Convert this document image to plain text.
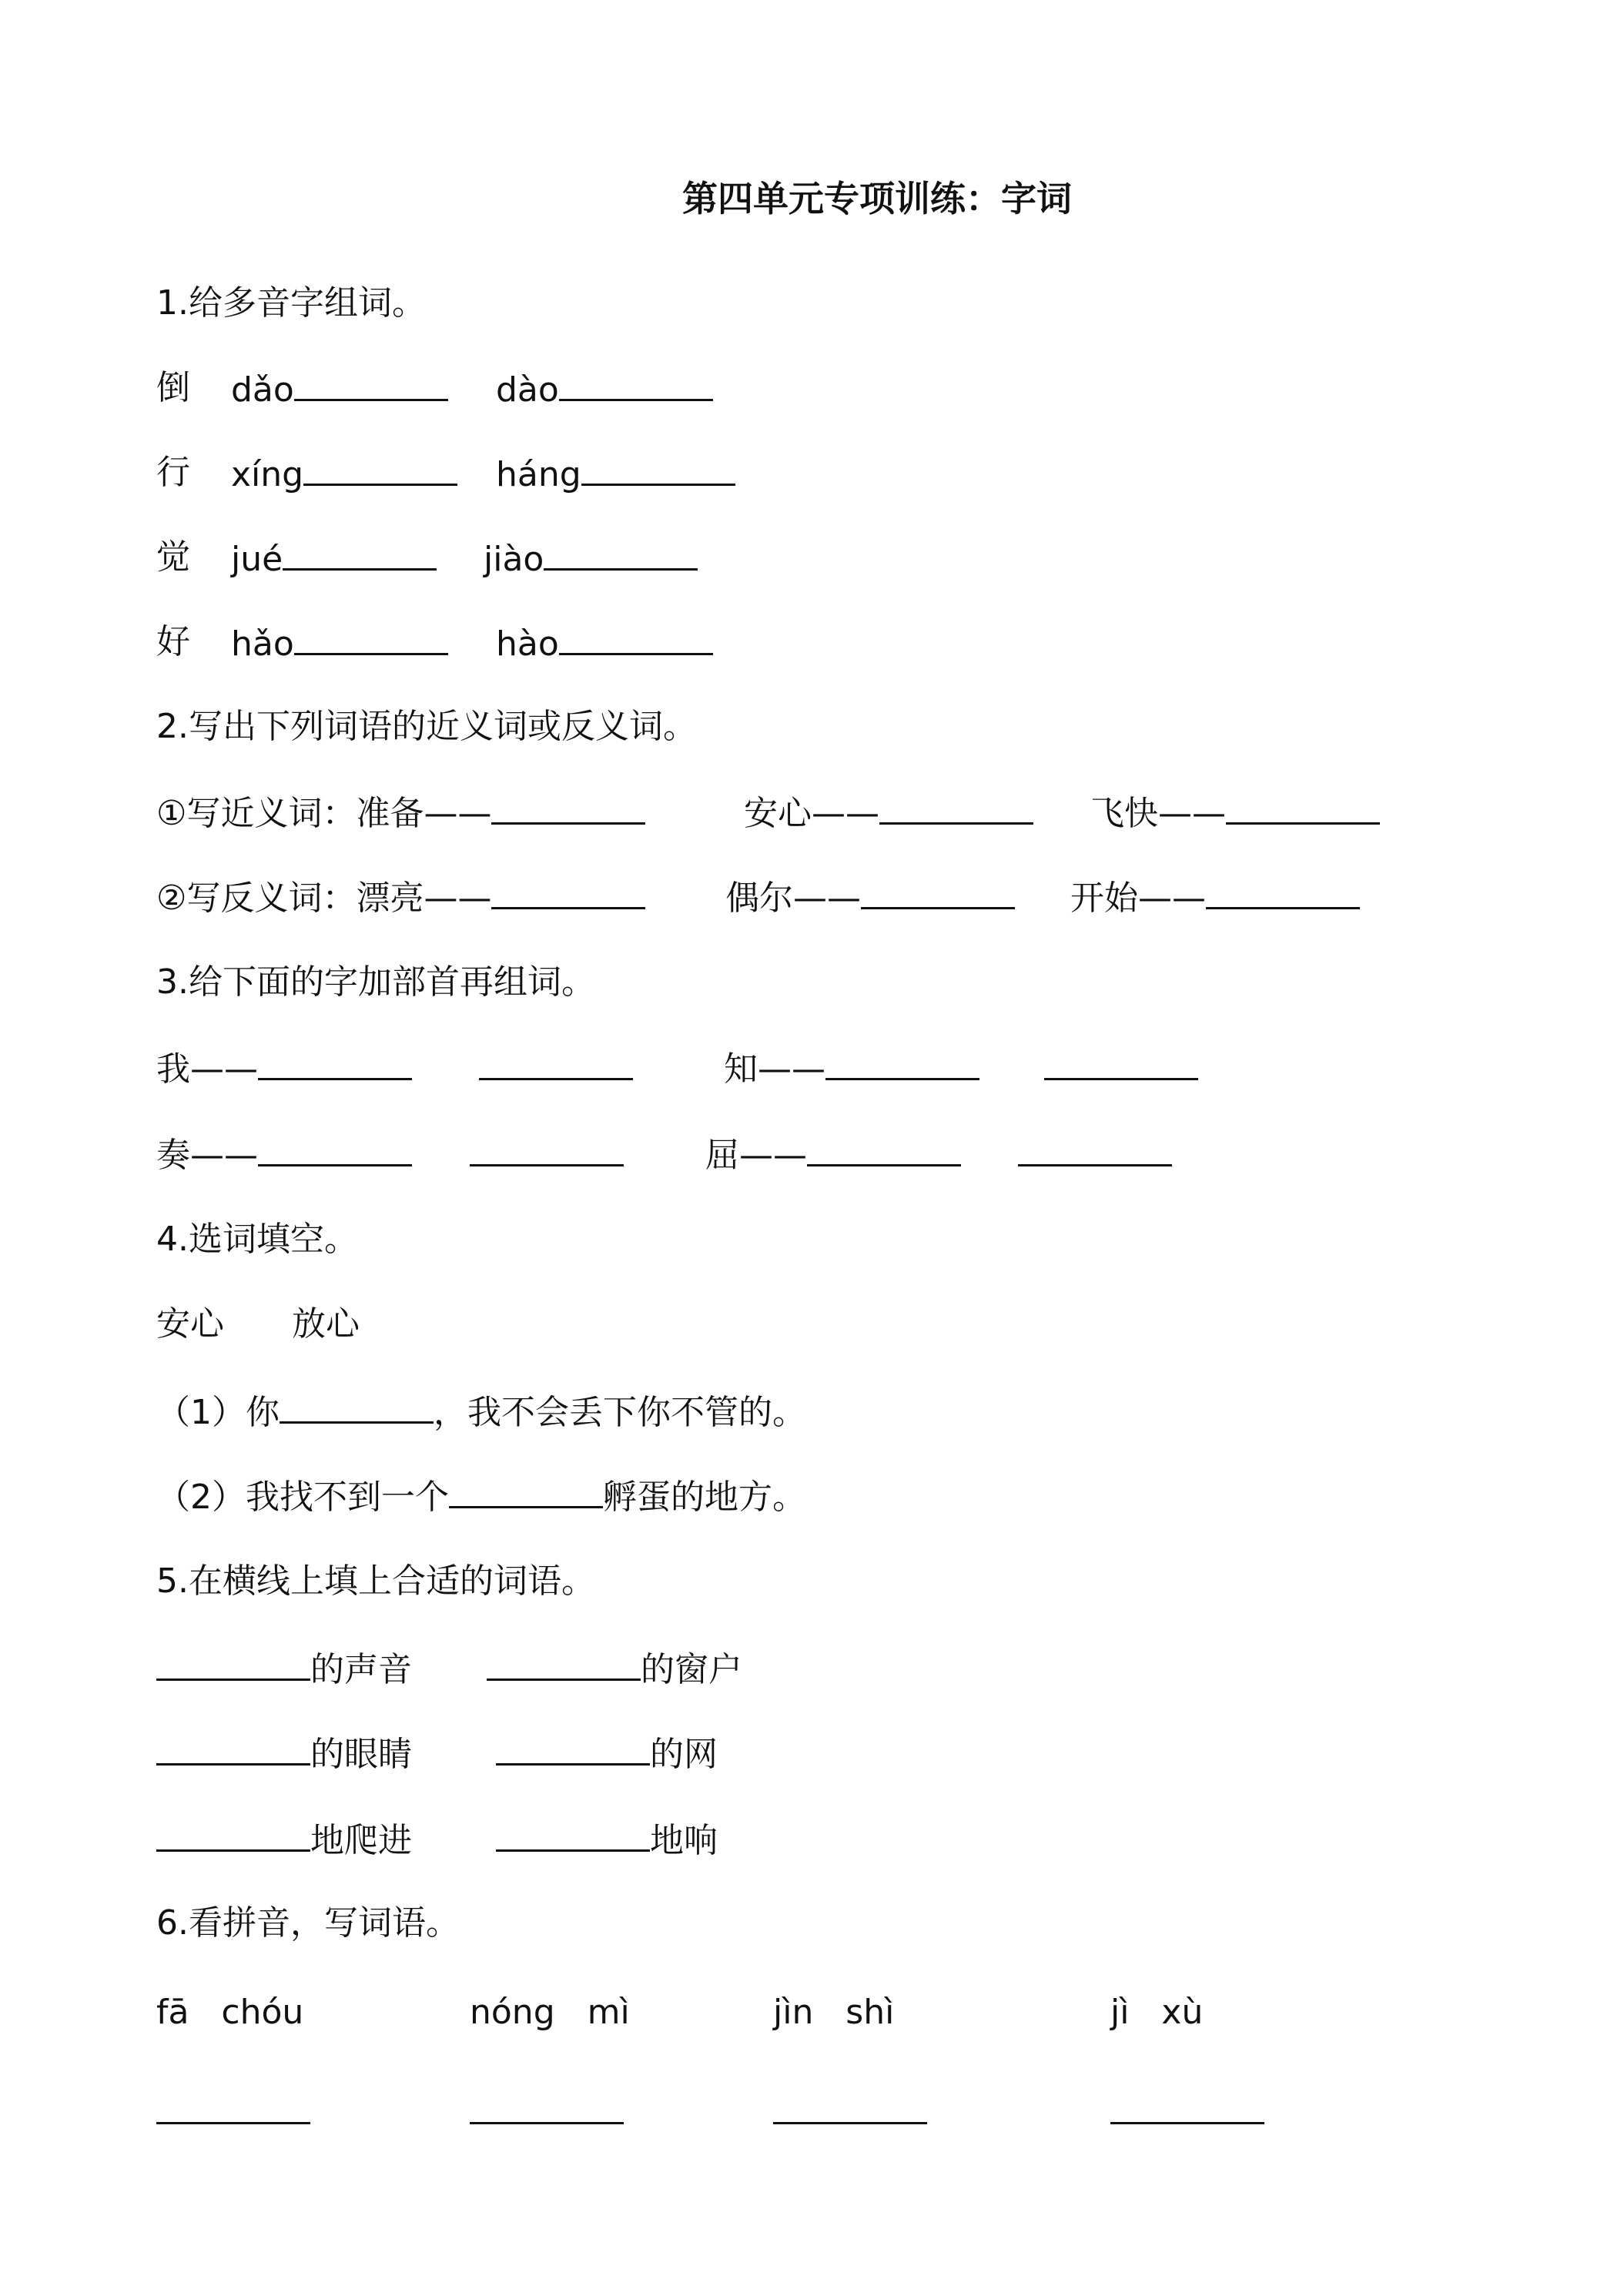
第四单元专项训练：字词
1.给多音字组词。
倒 dǎo	dào
行 xíng	háng
觉 jué	jiào
好 hǎo	hào
2.写出下列词语的近义词或反义词。
①写近义词：准备——	安心——	飞快——
②写反义词：漂亮——	偶尔——	开始——
3.给下面的字加部首再组词。
我——	知——
奏——	屈——
4.选词填空。
安心　　放心
（1）你	，我不会丢下你不管的。
（2）我找不到一个	孵蛋的地方。
5.在横线上填上合适的词语。
的声音	的窗户
的眼睛	的网
地爬进	地响
6.看拼音，写词语。
fā   chóu	nóng   mì	jìn   shì	jì   xù
